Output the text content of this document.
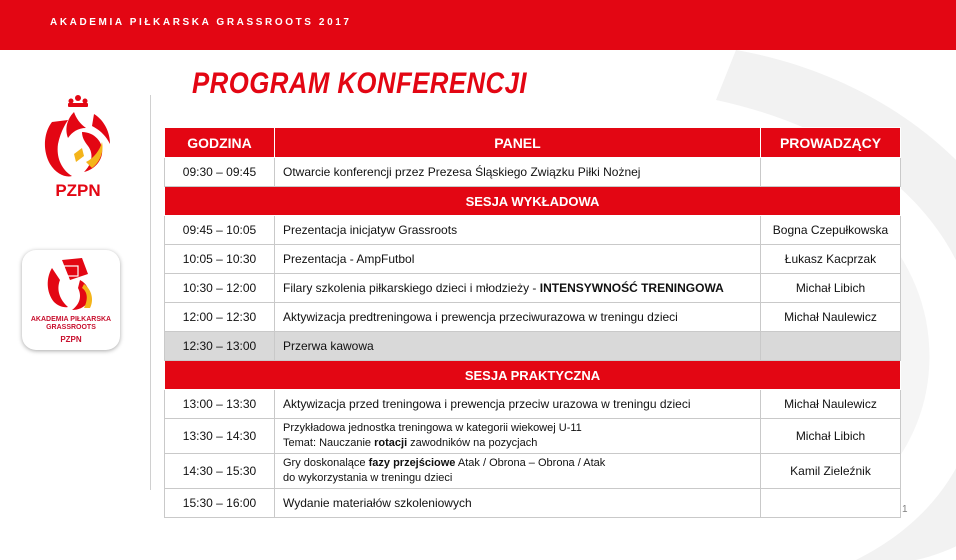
AKADEMIA PIŁKARSKA GRASSROOTS 2017
PZPN
AKADEMIA PIŁKARSKA
GRASSROOTS
PZPN
PROGRAM KONFERENCJI
GODZINA	PANEL	PROWADZĄCY
09:30 – 09:45	Otwarcie konferencji przez Prezesa Śląskiego Związku Piłki Nożnej	
SESJA WYKŁADOWA		
09:45 – 10:05	Prezentacja inicjatyw Grassroots	Bogna Czepułkowska
10:05 – 10:30	Prezentacja - AmpFutbol	Łukasz Kacprzak
10:30 – 12:00	Filary szkolenia piłkarskiego dzieci i młodzieży - INTENSYWNOŚĆ TRENINGOWA	Michał Libich
12:00 – 12:30	Aktywizacja predtreningowa i prewencja przeciwurazowa w treningu dzieci	Michał Naulewicz
12:30 – 13:00	Przerwa kawowa	
SESJA PRAKTYCZNA		
13:00 – 13:30	Aktywizacja przed treningowa i prewencja przeciw urazowa w treningu dzieci	Michał Naulewicz
13:30 – 14:30	Przykładowa jednostka treningowa w kategorii wiekowej U-11
Temat: Nauczanie rotacji zawodników na pozycjach	Michał Libich
14:30 – 15:30	Gry doskonalące fazy przejściowe Atak / Obrona – Obrona / Atak
do wykorzystania w treningu dzieci	Kamil Zieleźnik
15:30 – 16:00	Wydanie materiałów szkoleniowych		1
